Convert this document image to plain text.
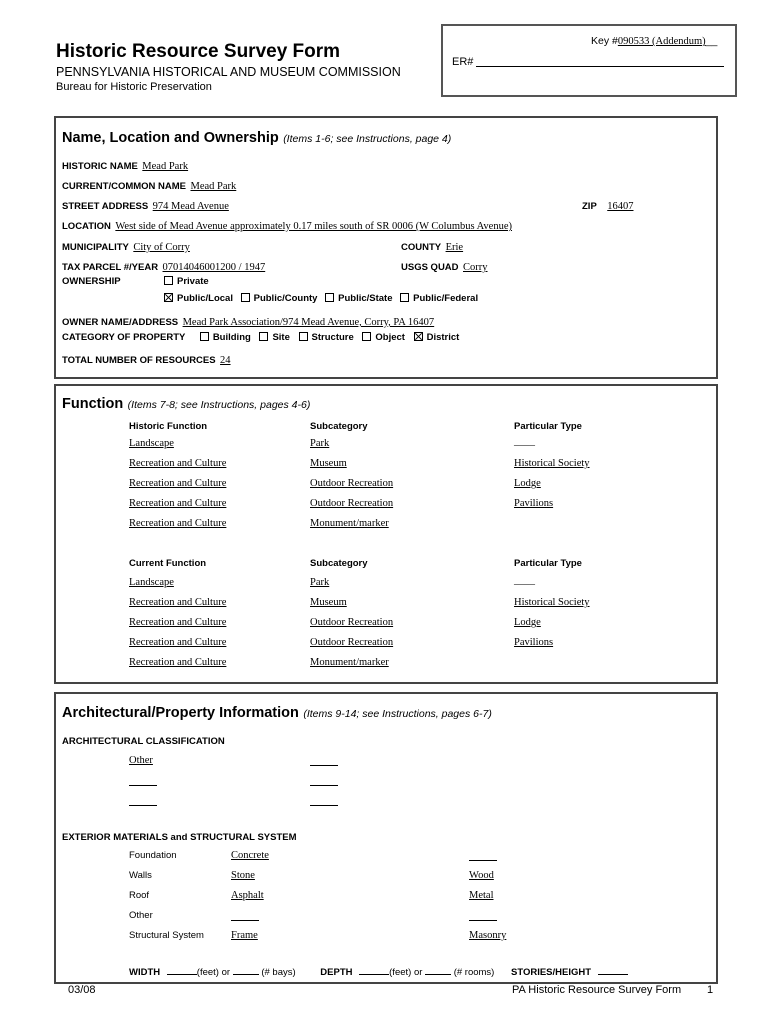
Historic Resource Survey Form
PENNSYLVANIA HISTORICAL AND MUSEUM COMMISSION
Bureau for Historic Preservation
Key #090533 (Addendum)__
ER#
Name, Location and Ownership (Items 1-6; see Instructions, page 4)
HISTORIC NAME Mead Park
CURRENT/COMMON NAME Mead Park
STREET ADDRESS 974 Mead Avenue	ZIP 16407
LOCATION West side of Mead Avenue approximately 0.17 miles south of SR 0006 (W Columbus Avenue)
MUNICIPALITY City of Corry	COUNTY Erie
TAX PARCEL #/YEAR 07014046001200 / 1947	USGS QUAD Corry
OWNERSHIP	Private
Public/Local Public/County Public/State Public/Federal
OWNER NAME/ADDRESS Mead Park Association/974 Mead Avenue, Corry, PA 16407
CATEGORY OF PROPERTY	Building Site Structure Object District
TOTAL NUMBER OF RESOURCES 24
Function (Items 7-8; see Instructions, pages 4-6)
Historic Function	Subcategory	Particular Type
Landscape	Park	____
Recreation and Culture	Museum	Historical Society
Recreation and Culture	Outdoor Recreation	Lodge
Recreation and Culture	Outdoor Recreation	Pavilions
Recreation and Culture	Monument/marker
Current Function	Subcategory	Particular Type
Landscape	Park	____
Recreation and Culture	Museum	Historical Society
Recreation and Culture	Outdoor Recreation	Lodge
Recreation and Culture	Outdoor Recreation	Pavilions
Recreation and Culture	Monument/marker
Architectural/Property Information (Items 9-14; see Instructions, pages 6-7)
ARCHITECTURAL CLASSIFICATION
Other
EXTERIOR MATERIALS and STRUCTURAL SYSTEM
Foundation	Concrete
Walls	Stone	Wood
Roof	Asphalt	Metal
Other
Structural System	Frame	Masonry
WIDTH	(feet) or	(# bays)	DEPTH	(feet) or	(# rooms) STORIES/HEIGHT
03/08	PA Historic Resource Survey Form 1
